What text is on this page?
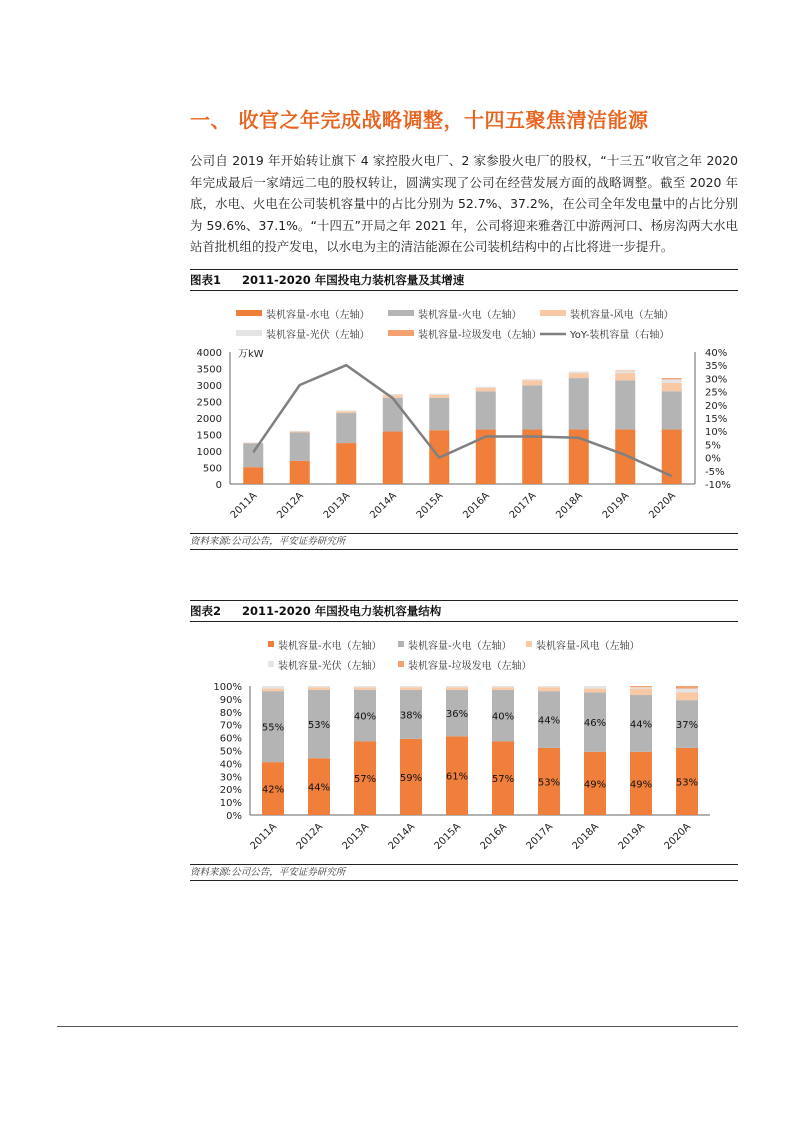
一、 收官之年完成战略调整，十四五聚焦清洁能源
公司自 2019 年开始转让旗下 4 家控股火电厂、2 家参股火电厂的股权，“十三五”收官之年 2020 年完成最后一家靖远二电的股权转让，圆满实现了公司在经营发展方面的战略调整。截至 2020 年底，水电、火电在公司装机容量中的占比分别为 52.7%、37.2%，在公司全年发电量中的占比分别为 59.6%、37.1%。“十四五”开局之年 2021 年，公司将迎来雅砻江中游两河口、杨房沟两大水电站首批机组的投产发电，以水电为主的清洁能源在公司装机结构中的占比将进一步提升。
图表1 2011-2020 年国投电力装机容量及其增速
装机容量-水电（左轴）	装机容量-火电（左轴）	装机容量-风电（左轴）
装机容量-光伏（左轴）	装机容量-垃圾发电（左轴）	YoY-装机容量（右轴）
4000
3500
3000
2500
2000
1500
1000
500
0
万kW	40%
35%
30%
25%
20%
15%
10%
5%
0%
-5%
-10%
2011A 2012A 2013A 2014A 2015A 2016A 2017A 2018A 2019A 2020A
资料来源:公司公告，平安证券研究所
图表2 2011-2020 年国投电力装机容量结构
装机容量-水电（左轴）	装机容量-火电（左轴） 装机容量-风电（左轴）
装机容量-光伏（左轴）	装机容量-垃圾发电（左轴）
100%
90%
80%
70%
60%
50%
40%
30%
20%
10%
0%
42%
55%
2011A
44%
53%
2012A
57%
40%
2013A
59%
38%
2014A
61%
36%
2015A
57%
40%
2016A
53%
44%
2017A
49%
46%
2018A
49%
44%
2019A
53%
37%
2020A
资料来源:公司公告，平安证券研究所
